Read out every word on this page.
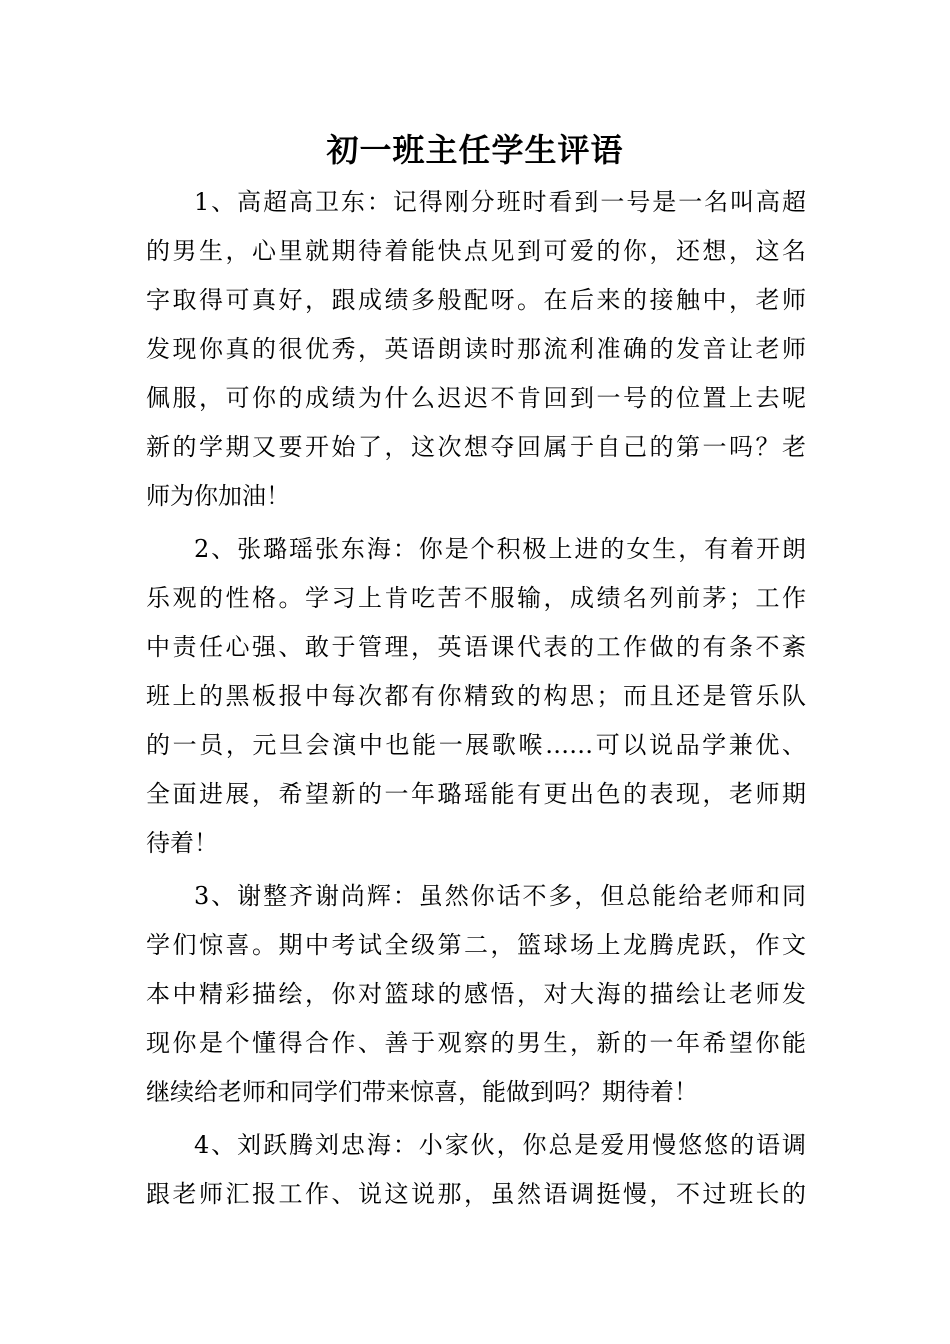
初一班主任学生评语
1、高超高卫东：记得刚分班时看到一号是一名叫高超
的男生，心里就期待着能快点见到可爱的你，还想，这名
字取得可真好，跟成绩多般配呀。在后来的接触中，老师
发现你真的很优秀，英语朗读时那流利准确的发音让老师
佩服，可你的成绩为什么迟迟不肯回到一号的位置上去呢
新的学期又要开始了，这次想夺回属于自己的第一吗？老
师为你加油！
2、张璐瑶张东海：你是个积极上进的女生，有着开朗
乐观的性格。学习上肯吃苦不服输，成绩名列前茅；工作
中责任心强、敢于管理，英语课代表的工作做的有条不紊
班上的黑板报中每次都有你精致的构思；而且还是管乐队
的一员，元旦会演中也能一展歌喉……可以说品学兼优、
全面进展，希望新的一年璐瑶能有更出色的表现，老师期
待着！
3、谢整齐谢尚辉：虽然你话不多，但总能给老师和同
学们惊喜。期中考试全级第二，篮球场上龙腾虎跃，作文
本中精彩描绘，你对篮球的感悟，对大海的描绘让老师发
现你是个懂得合作、善于观察的男生，新的一年希望你能
继续给老师和同学们带来惊喜，能做到吗？期待着！
4、刘跃腾刘忠海：小家伙，你总是爱用慢悠悠的语调
跟老师汇报工作、说这说那，虽然语调挺慢，不过班长的
